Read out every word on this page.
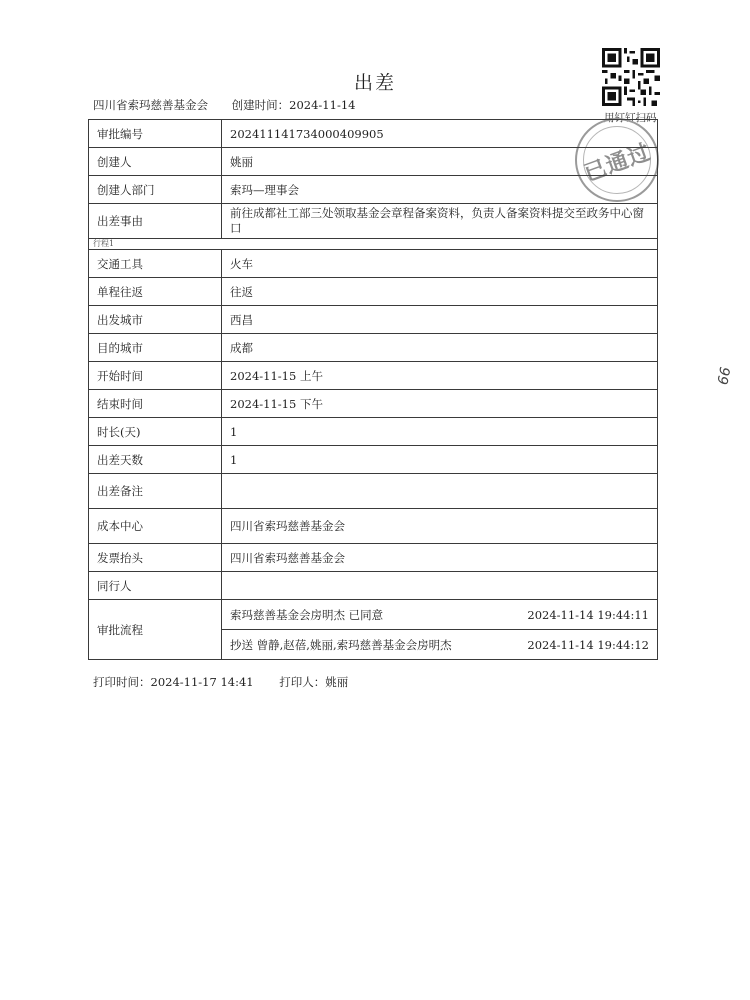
出差
四川省索玛慈善基金会 创建时间：2024-11-14
用钉钉扫码
已通过
审批编号	202411141734000409905
创建人	姚丽
创建人部门	索玛—理事会
出差事由	前往成都社工部三处领取基金会章程备案资料，负责人备案资料提交至政务中心窗口
行程1	
交通工具	火车
单程往返	往返
出发城市	西昌
目的城市	成都
开始时间	2024-11-15 上午
结束时间	2024-11-15 下午
时长(天)	1
出差天数	1
出差备注	
成本中心	四川省索玛慈善基金会
发票抬头	四川省索玛慈善基金会
同行人	
审批流程	索玛慈善基金会房明杰 已同意 2024-11-14 19:44:11
抄送 曾静,赵蓓,姚丽,索玛慈善基金会房明杰 2024-11-14 19:44:12
打印时间：2024-11-17 14:41 打印人：姚丽
66
